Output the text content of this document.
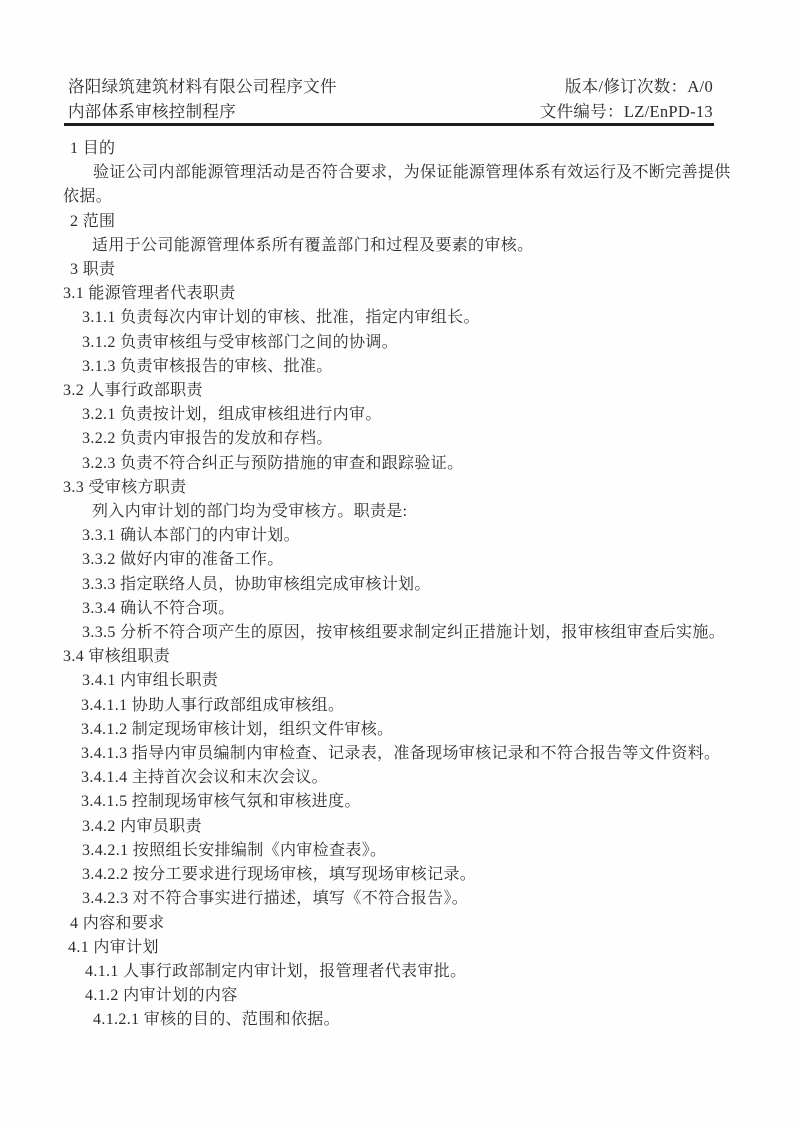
洛阳绿筑建筑材料有限公司程序文件
内部体系审核控制程序
版本/修订次数：A/0
文件编号：LZ/EnPD-13
1 目的
验证公司内部能源管理活动是否符合要求，为保证能源管理体系有效运行及不断完善提供
依据。
2 范围
适用于公司能源管理体系所有覆盖部门和过程及要素的审核。
3 职责
3.1 能源管理者代表职责
3.1.1 负责每次内审计划的审核、批准，指定内审组长。
3.1.2 负责审核组与受审核部门之间的协调。
3.1.3 负责审核报告的审核、批准。
3.2 人事行政部职责
3.2.1 负责按计划，组成审核组进行内审。
3.2.2 负责内审报告的发放和存档。
3.2.3 负责不符合纠正与预防措施的审查和跟踪验证。
3.3 受审核方职责
列入内审计划的部门均为受审核方。职责是:
3.3.1 确认本部门的内审计划。
3.3.2 做好内审的准备工作。
3.3.3 指定联络人员，协助审核组完成审核计划。
3.3.4 确认不符合项。
3.3.5 分析不符合项产生的原因，按审核组要求制定纠正措施计划，报审核组审查后实施。
3.4 审核组职责
3.4.1 内审组长职责
3.4.1.1 协助人事行政部组成审核组。
3.4.1.2 制定现场审核计划，组织文件审核。
3.4.1.3 指导内审员编制内审检查、记录表，准备现场审核记录和不符合报告等文件资料。
3.4.1.4 主持首次会议和末次会议。
3.4.1.5 控制现场审核气氛和审核进度。
3.4.2 内审员职责
3.4.2.1 按照组长安排编制《内审检查表》。
3.4.2.2 按分工要求进行现场审核，填写现场审核记录。
3.4.2.3 对不符合事实进行描述，填写《不符合报告》。
4 内容和要求
4.1 内审计划
4.1.1 人事行政部制定内审计划，报管理者代表审批。
4.1.2 内审计划的内容
4.1.2.1 审核的目的、范围和依据。
